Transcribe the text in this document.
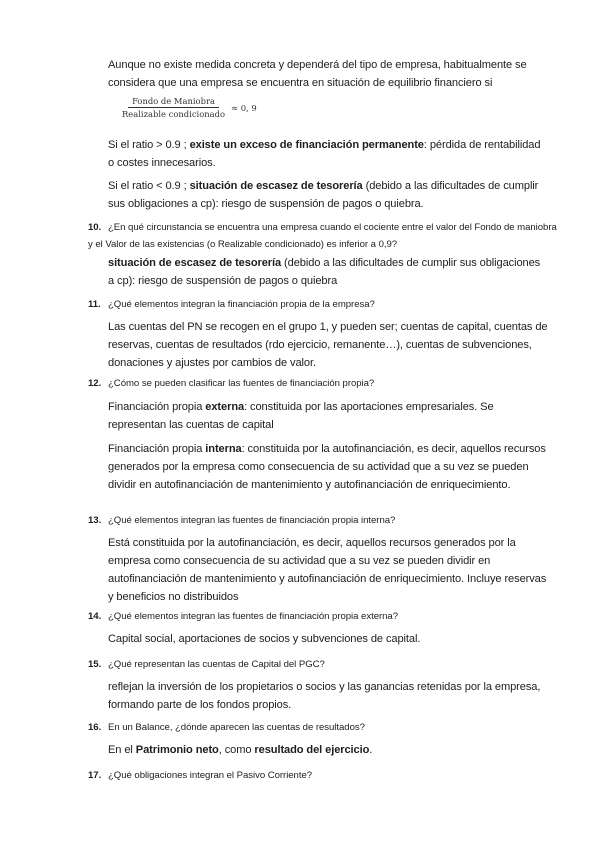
Aunque no existe medida concreta y dependerá del tipo de empresa, habitualmente se considera que una empresa se encuentra en situación de equilibrio financiero si

$\frac{\text{Fondo de Maniobra}}{\text{Realizable condicionado}} \approx 0$, 9

Si el ratio > 0.9 ; existe un exceso de financiación permanente: pérdida de rentabilidad o costes innecesarios.

Si el ratio < 0.9 ; situación de escasez de tesorería (debido a las dificultades de cumplir sus obligaciones a cp): riesgo de suspensión de pagos o quiebra.

10. ¿En qué circunstancia se encuentra una empresa cuando el cociente entre el valor del Fondo de maniobra y el Valor de las existencias (o Realizable condicionado) es inferior a 0,9?

situación de escasez de tesorería (debido a las dificultades de cumplir sus obligaciones a cp): riesgo de suspensión de pagos o quiebra

11. ¿Qué elementos integran la financiación propia de la empresa?

Las cuentas del PN se recogen en el grupo 1, y pueden ser; cuentas de capital, cuentas de reservas, cuentas de resultados (rdo ejercicio, remanente…), cuentas de subvenciones, donaciones y ajustes por cambios de valor.

12. ¿Cómo se pueden clasificar las fuentes de financiación propia?

Financiación propia externa: constituida por las aportaciones empresariales. Se representan las cuentas de capital

Financiación propia interna: constituida por la autofinanciación, es decir, aquellos recursos generados por la empresa como consecuencia de su actividad que a su vez se pueden dividir en autofinanciación de mantenimiento y autofinanciación de enriquecimiento.

13. ¿Qué elementos integran las fuentes de financiación propia interna?

Está constituida por la autofinanciación, es decir, aquellos recursos generados por la empresa como consecuencia de su actividad que a su vez se pueden dividir en autofinanciación de mantenimiento y autofinanciación de enriquecimiento. Incluye reservas y beneficios no distribuidos

14. ¿Qué elementos integran las fuentes de financiación propia externa?

Capital social, aportaciones de socios y subvenciones de capital.

15. ¿Qué representan las cuentas de Capital del PGC?

reflejan la inversión de los propietarios o socios y las ganancias retenidas por la empresa, formando parte de los fondos propios.

16. En un Balance, ¿dónde aparecen las cuentas de resultados?

En el Patrimonio neto, como resultado del ejercicio.

17. ¿Qué obligaciones integran el Pasivo Corriente?
